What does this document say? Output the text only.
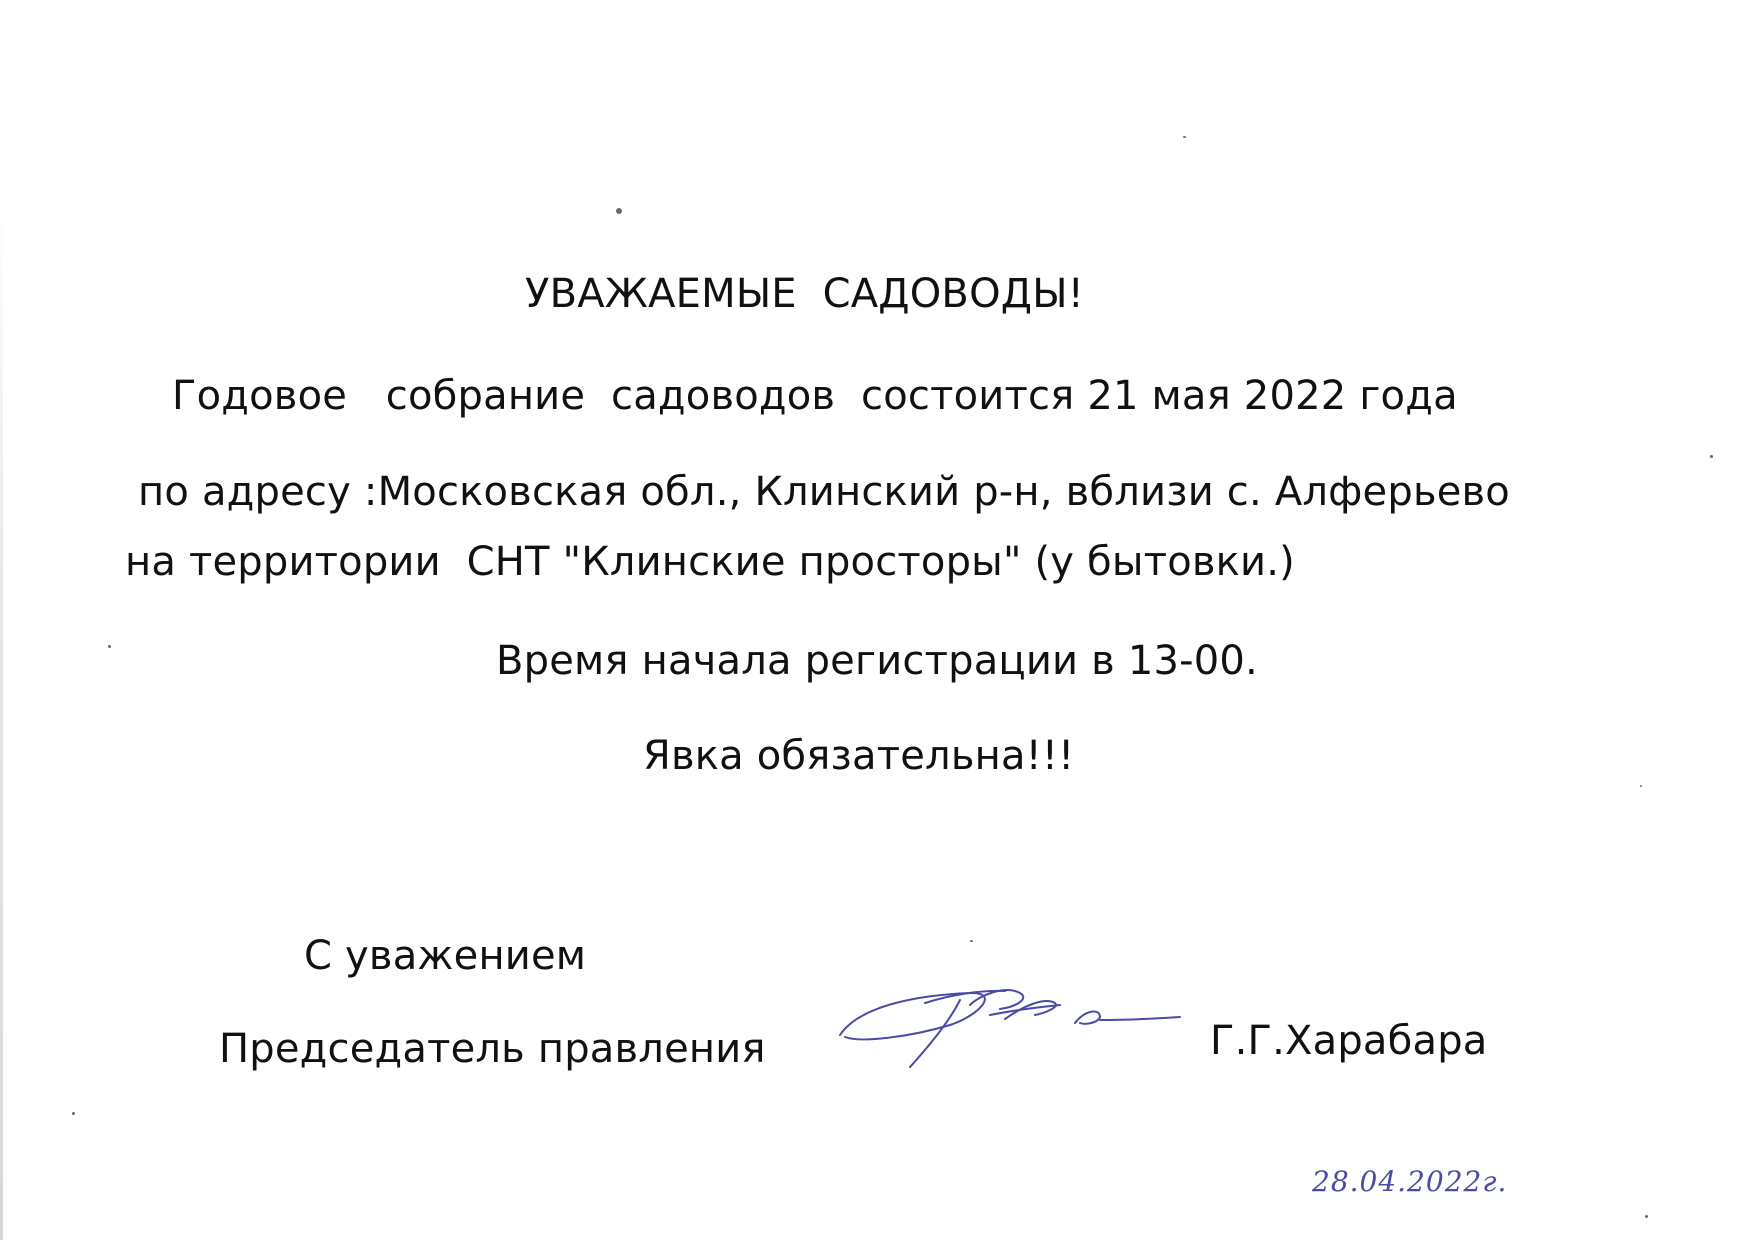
УВАЖАЕМЫЕ  САДОВОДЫ!
Годовое   собрание  садоводов  состоится 21 мая 2022 года
по адресу :Московская обл., Клинский р-н, вблизи с. Алферьево
на территории  СНТ "Клинские просторы" (у бытовки.)
Время начала регистрации в 13-00.
Явка обязательна!!!
С уважением
Председатель правления	Г.Г.Харабара
28.04.2022г.
